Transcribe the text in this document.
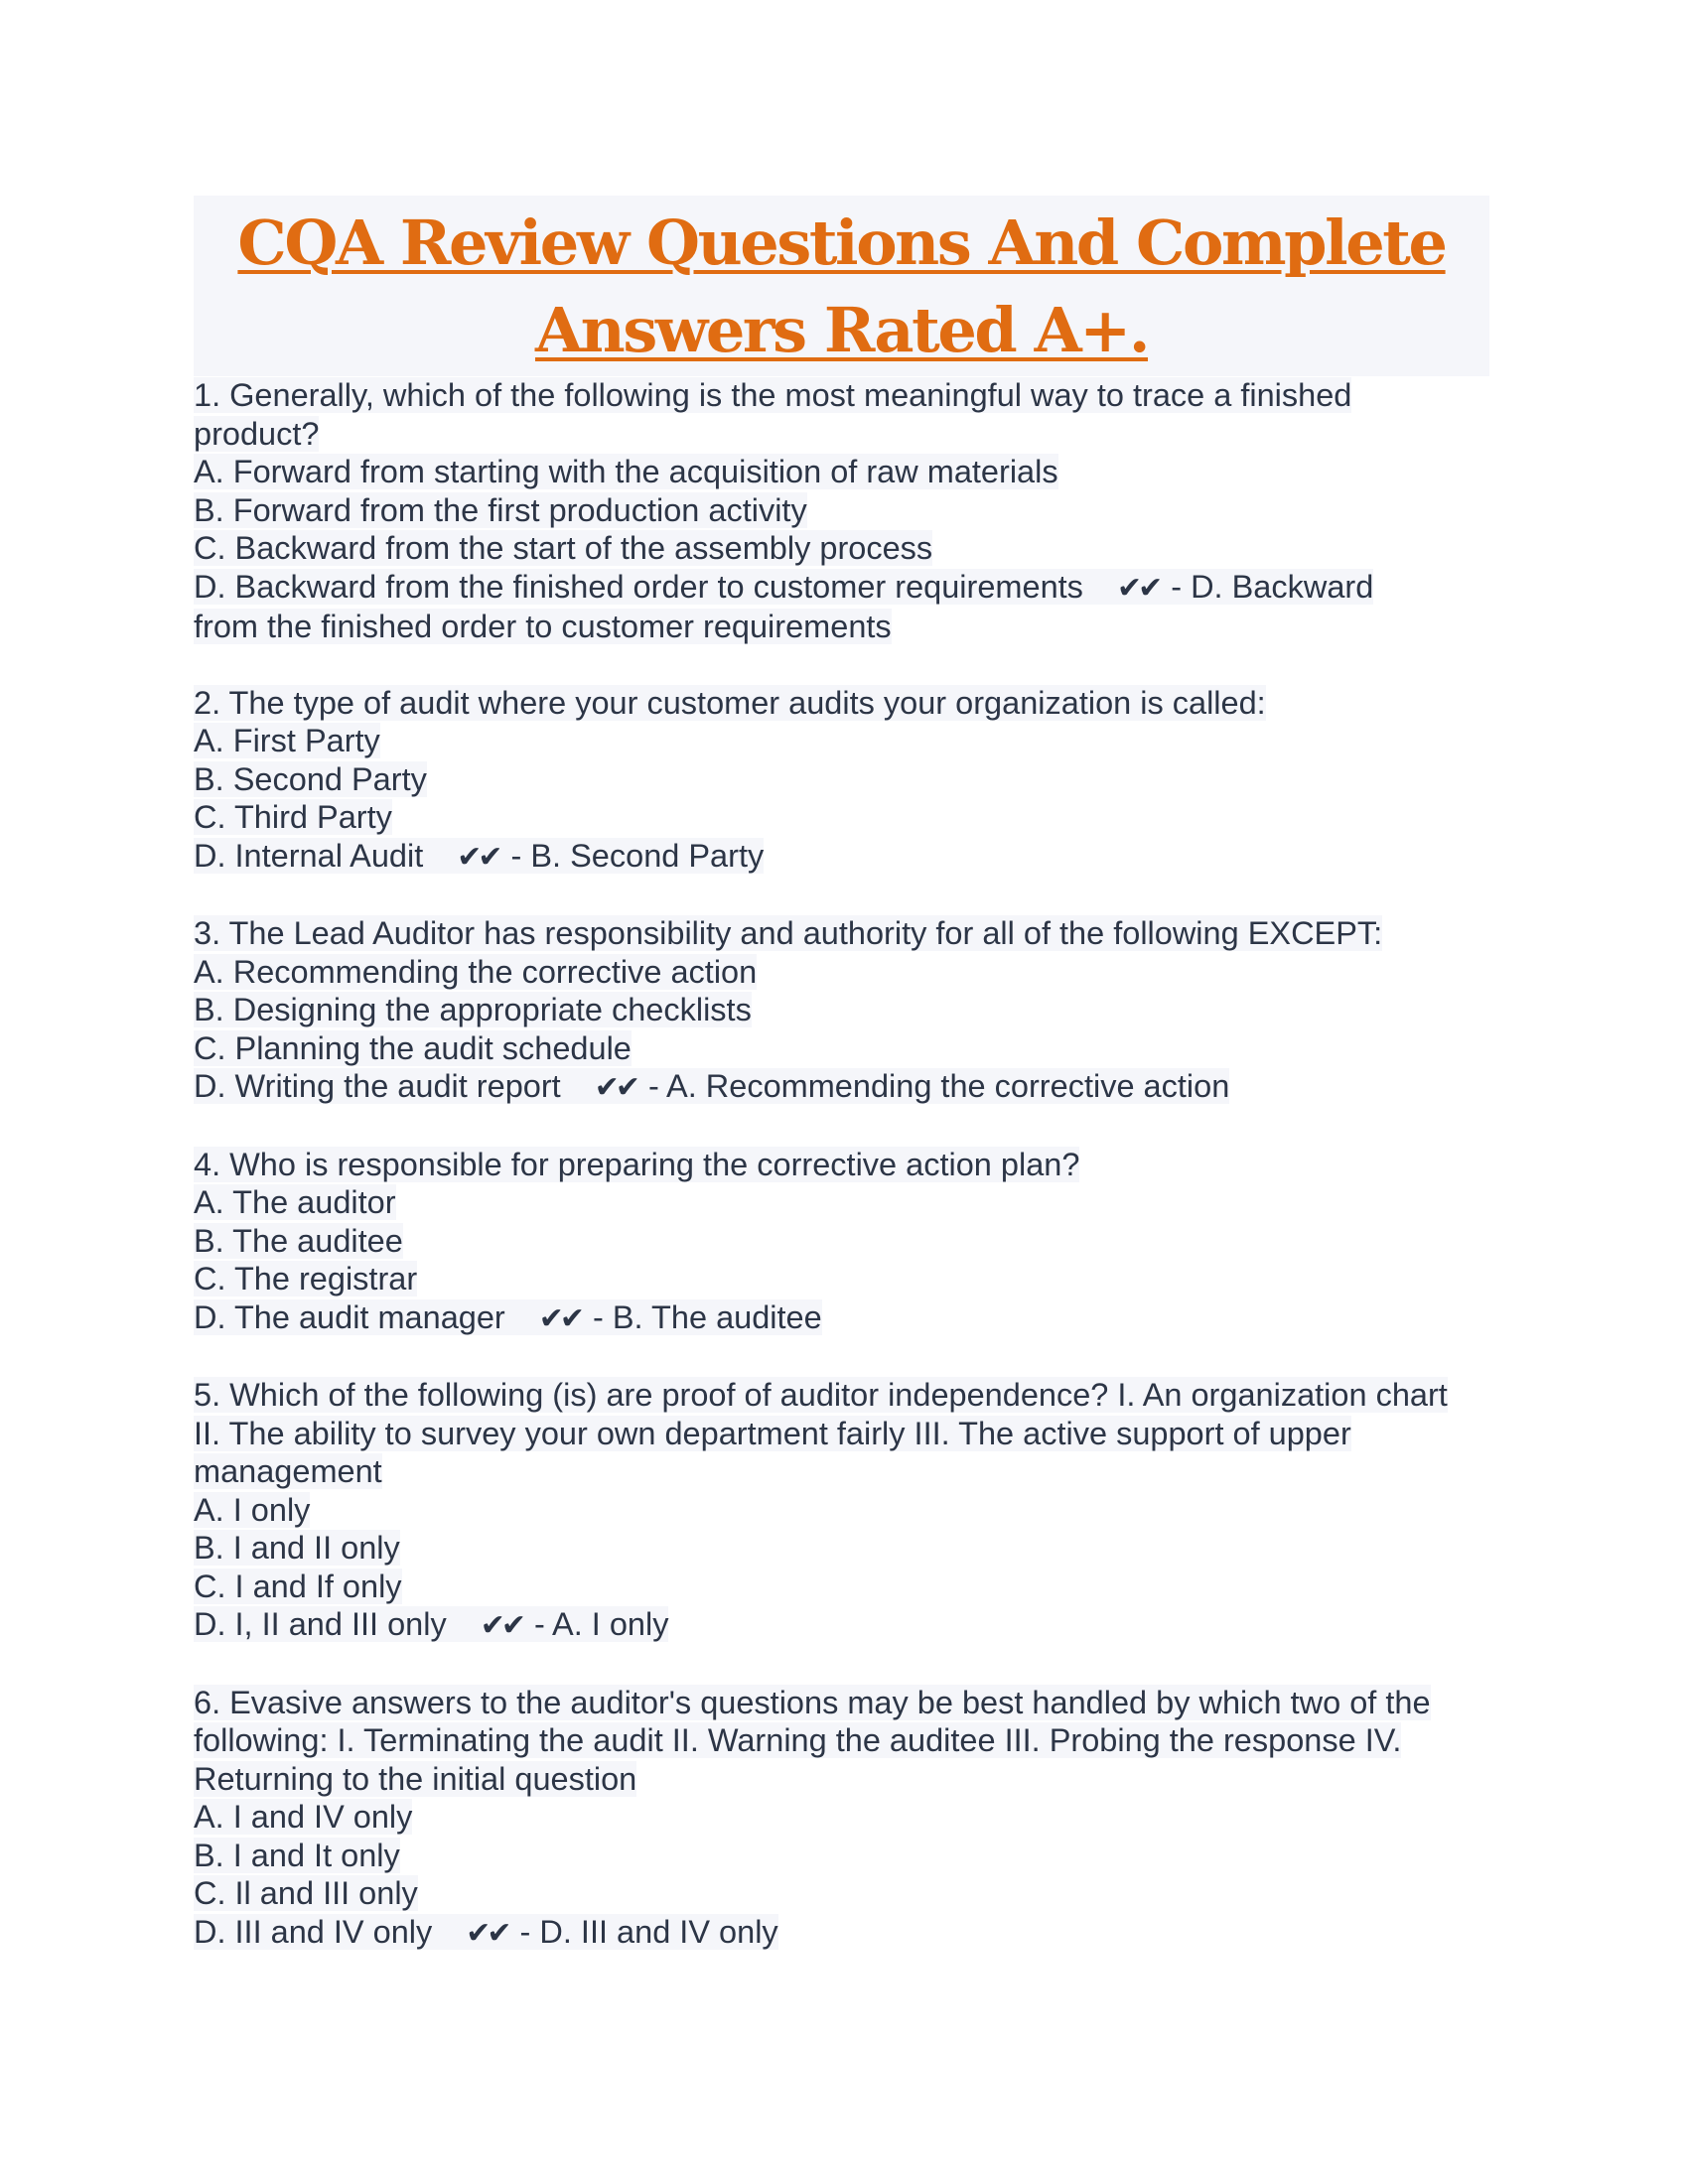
CQA Review Questions And Complete
Answers Rated A+.
1. Generally, which of the following is the most meaningful way to trace a finished
product?
A. Forward from starting with the acquisition of raw materials
B. Forward from the first production activity
C. Backward from the start of the assembly process
D. Backward from the finished order to customer requirements ✔✔ - D. Backward
from the finished order to customer requirements
2. The type of audit where your customer audits your organization is called:
A. First Party
B. Second Party
C. Third Party
D. Internal Audit ✔✔ - B. Second Party
3. The Lead Auditor has responsibility and authority for all of the following EXCEPT:
A. Recommending the corrective action
B. Designing the appropriate checklists
C. Planning the audit schedule
D. Writing the audit report ✔✔ - A. Recommending the corrective action
4. Who is responsible for preparing the corrective action plan?
A. The auditor
B. The auditee
C. The registrar
D. The audit manager ✔✔ - B. The auditee
5. Which of the following (is) are proof of auditor independence? I. An organization chart
II. The ability to survey your own department fairly III. The active support of upper
management
A. I only
B. I and II only
C. I and If only
D. I, II and III only ✔✔ - A. I only
6. Evasive answers to the auditor's questions may be best handled by which two of the
following: I. Terminating the audit II. Warning the auditee III. Probing the response IV.
Returning to the initial question
A. I and IV only
B. I and It only
C. Il and III only
D. III and IV only ✔✔ - D. III and IV only
